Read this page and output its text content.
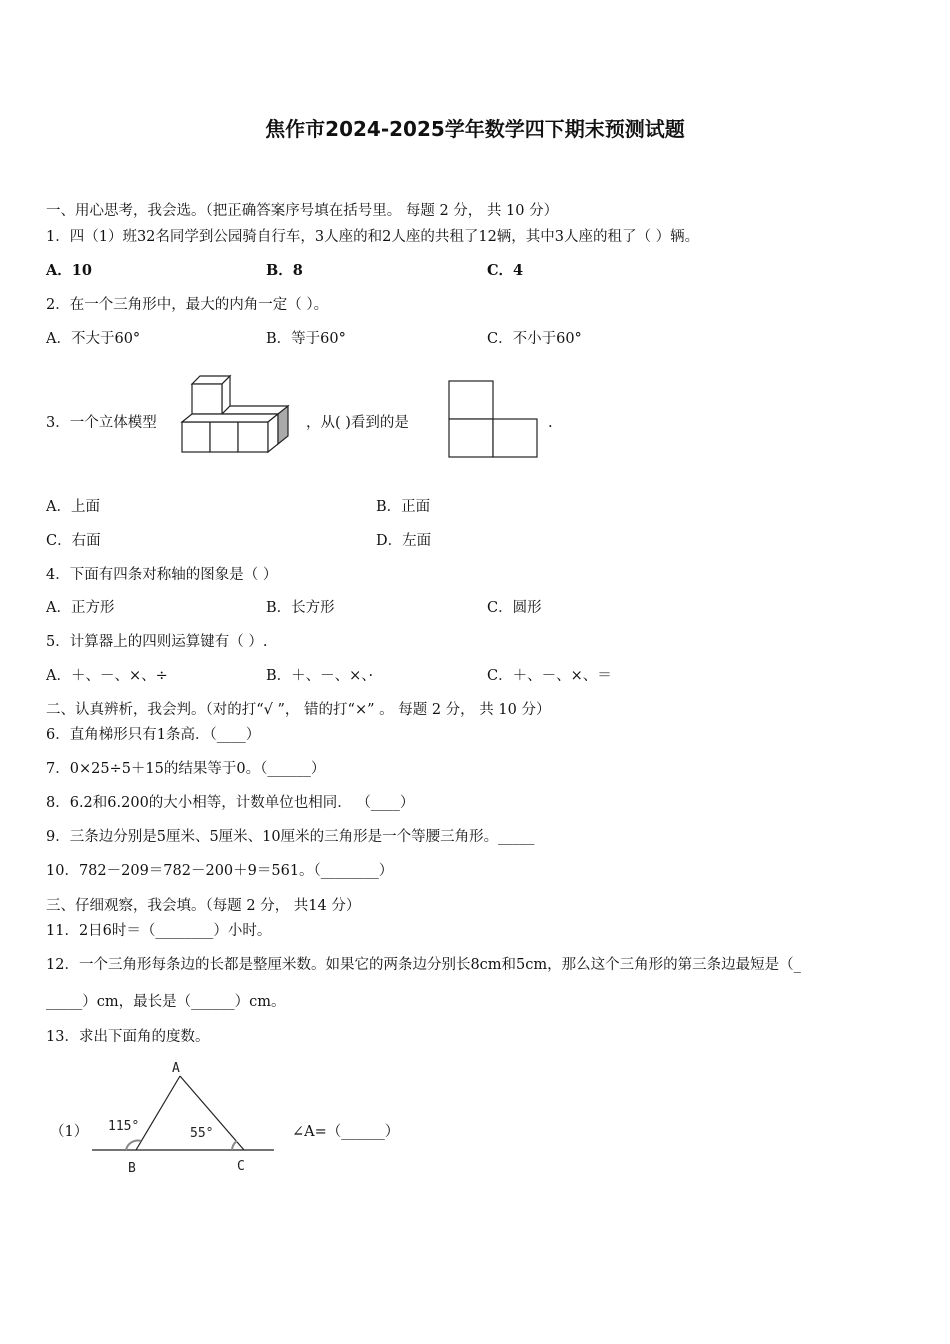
焦作市2024-2025学年数学四下期末预测试题
一、用心思考，我会选。（把正确答案序号填在括号里。 每题 2 分， 共 10 分）
1．四（1）班32名同学到公园骑自行车，3人座的和2人座的共租了12辆，其中3人座的租了（ ）辆。
A．10	B．8	C．4
2．在一个三角形中，最大的内角一定（ ）。
A．不大于60°	B．等于60°	C．不小于60°
3．一个立体模型	，从( )看到的是	.
A．上面	B．正面
C．右面	D．左面
4．下面有四条对称轴的图象是（ ）
A．正方形	B．长方形	C．圆形
5．计算器上的四则运算键有（ ）.
A．＋、－、×、÷	B．＋、－、×、·	C．＋、－、×、＝
二、认真辨析，我会判。（对的打“√ ”， 错的打“×” 。 每题 2 分， 共 10 分）
6．直角梯形只有1条高．（____）
7．0×25÷5＋15的结果等于0。（______）
8．6.2和6.200的大小相等，计数单位也相同． （____）
9．三条边分别是5厘米、5厘米、10厘米的三角形是一个等腰三角形。_____
10．782－209＝782－200＋9＝561。（________）
三、仔细观察，我会填。（每题 2 分， 共14 分）
11．2日6时＝（________）小时。
12．一个三角形每条边的长都是整厘米数。如果它的两条边分别长8cm和5cm，那么这个三角形的第三条边最短是（_
_____）cm，最长是（______）cm。
13．求出下面角的度数。
（1）
A
B	C
115°	55°	∠A=（______）
